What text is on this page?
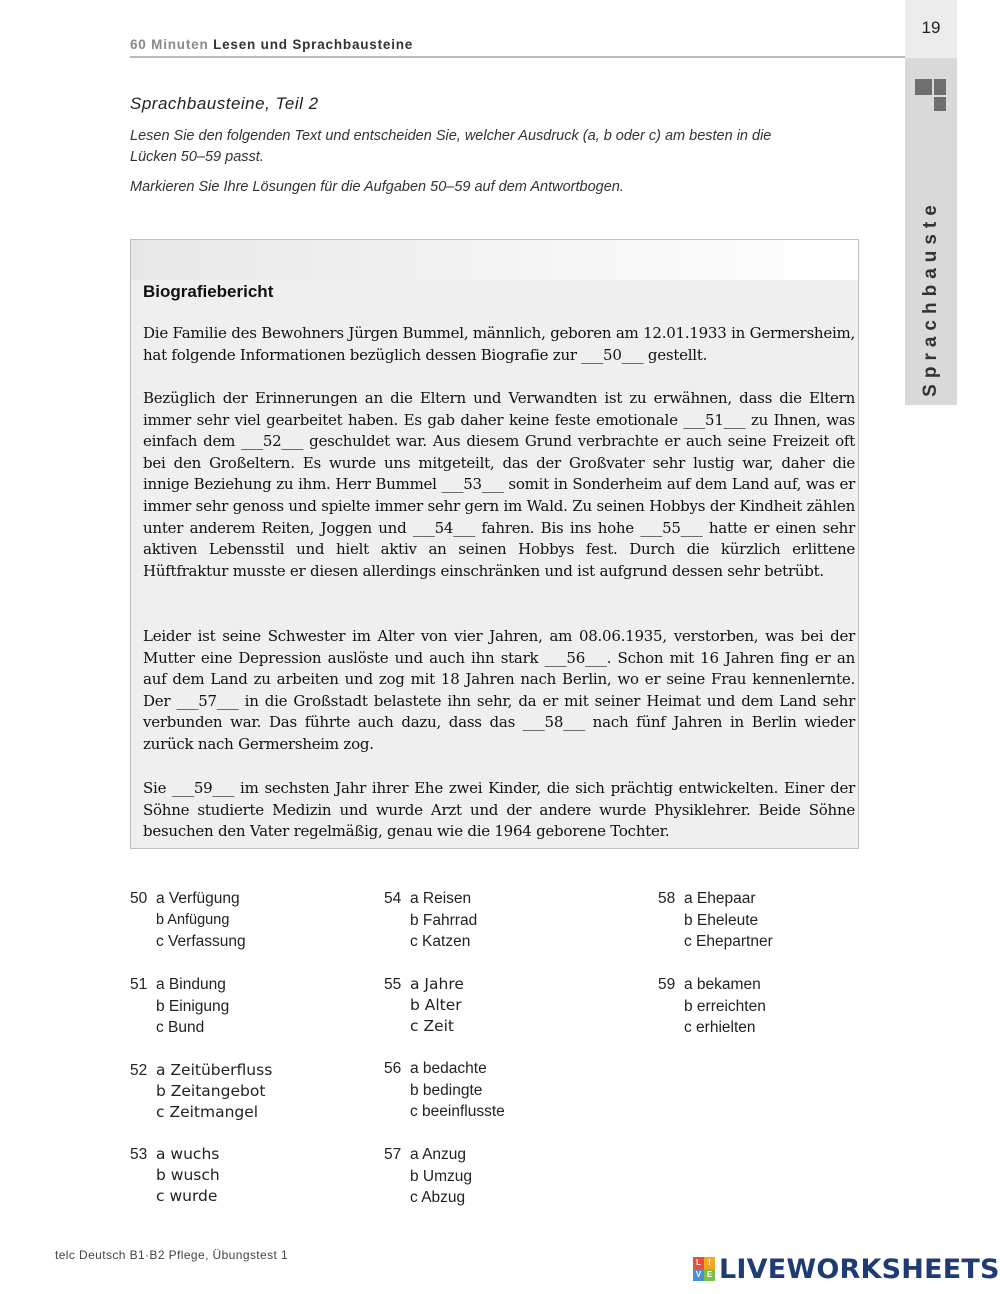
60 Minuten Lesen und Sprachbausteine
19
Sprachbauste
Sprachbausteine, Teil 2
Lesen Sie den folgenden Text und entscheiden Sie, welcher Ausdruck (a, b oder c) am besten in die
Lücken 50–59 passt.
Markieren Sie Ihre Lösungen für die Aufgaben 50–59 auf dem Antwortbogen.
Biografiebericht
Die Familie des Bewohners Jürgen Bummel, männlich, geboren am 12.01.1933 in Germersheim, hat folgende Informationen bezüglich dessen Biografie zur ___50___ gestellt.
Bezüglich der Erinnerungen an die Eltern und Verwandten ist zu erwähnen, dass die Eltern immer sehr viel gearbeitet haben. Es gab daher keine feste emotionale ___51___ zu Ihnen, was einfach dem ___52___ geschuldet war. Aus diesem Grund verbrachte er auch seine Freizeit oft bei den Großeltern. Es wurde uns mitgeteilt, das der Großvater sehr lustig war, daher die innige Beziehung zu ihm. Herr Bummel ___53___ somit in Sonderheim auf dem Land auf, was er immer sehr genoss und spielte immer sehr gern im Wald. Zu seinen Hobbys der Kindheit zählen unter anderem Reiten, Joggen und ___54___ fahren. Bis ins hohe ___55___ hatte er einen sehr aktiven Lebensstil und hielt aktiv an seinen Hobbys fest. Durch die kürzlich erlittene Hüftfraktur musste er diesen allerdings einschränken und ist aufgrund dessen sehr betrübt.
Leider ist seine Schwester im Alter von vier Jahren, am 08.06.1935, verstorben, was bei der Mutter eine Depression auslöste und auch ihn stark ___56___. Schon mit 16 Jahren fing er an auf dem Land zu arbeiten und zog mit 18 Jahren nach Berlin, wo er seine Frau kennenlernte. Der ___57___ in die Großstadt belastete ihn sehr, da er mit seiner Heimat und dem Land sehr verbunden war. Das führte auch dazu, dass das ___58___ nach fünf Jahren in Berlin wieder zurück nach Germersheim zog.
Sie ___59___ im sechsten Jahr ihrer Ehe zwei Kinder, die sich prächtig entwickelten. Einer der Söhne studierte Medizin und wurde Arzt und der andere wurde Physiklehrer. Beide Söhne besuchen den Vater regelmäßig, genau wie die 1964 geborene Tochter.
50 a Verfügung
b Anfügung
c Verfassung
51 a Bindung
b Einigung
c Bund
52 a Zeitüberfluss
b Zeitangebot
c Zeitmangel
53 a wuchs
b wusch
c wurde
54 a Reisen
b Fahrrad
c Katzen
55 a Jahre
b Alter
c Zeit
56 a bedachte
b bedingte
c beeinflusste
57 a Anzug
b Umzug
c Abzug
58 a Ehepaar
b Eheleute
c Ehepartner
59 a bekamen
b erreichten
c erhielten
telc Deutsch B1·B2 Pflege, Übungstest 1
L I
V E LIVEWORKSHEETS
